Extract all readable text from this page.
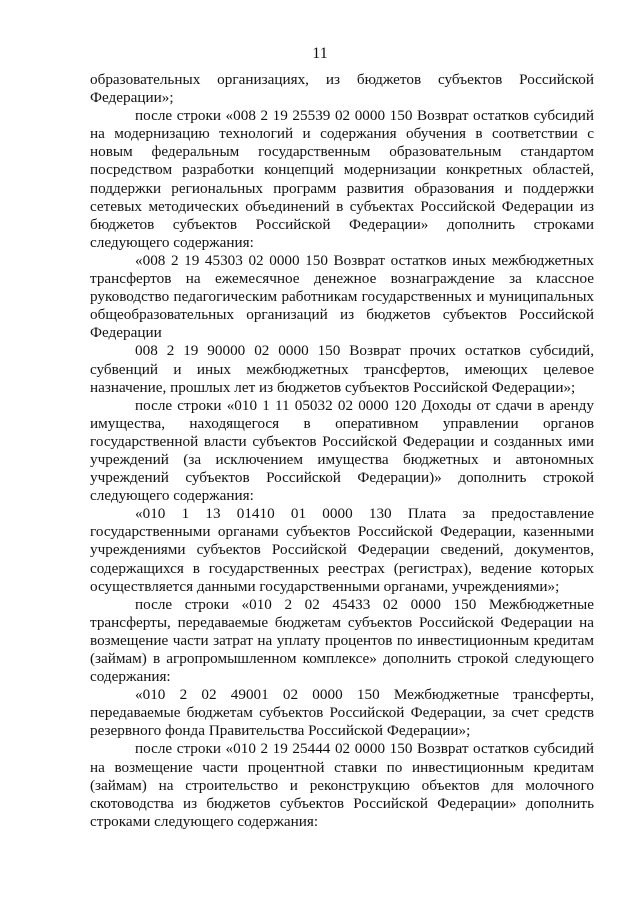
11

образовательных организациях, из бюджетов субъектов Российской Федерации»;

после строки «008 2 19 25539 02 0000 150 Возврат остатков субсидий на модернизацию технологий и содержания обучения в соответствии с новым федеральным государственным образовательным стандартом посредством разработки концепций модернизации конкретных областей, поддержки региональных программ развития образования и поддержки сетевых методических объединений в субъектах Российской Федерации из бюджетов субъектов Российской Федерации» дополнить строками следующего содержания:

«008 2 19 45303 02 0000 150 Возврат остатков иных межбюджетных трансфертов на ежемесячное денежное вознаграждение за классное руководство педагогическим работникам государственных и муниципальных общеобразовательных организаций из бюджетов субъектов Российской Федерации

008 2 19 90000 02 0000 150 Возврат прочих остатков субсидий, субвенций и иных межбюджетных трансфертов, имеющих целевое назначение, прошлых лет из бюджетов субъектов Российской Федерации»;

после строки «010 1 11 05032 02 0000 120 Доходы от сдачи в аренду имущества, находящегося в оперативном управлении органов государственной власти субъектов Российской Федерации и созданных ими учреждений (за исключением имущества бюджетных и автономных учреждений субъектов Российской Федерации)» дополнить строкой следующего содержания:

«010 1 13 01410 01 0000 130 Плата за предоставление государственными органами субъектов Российской Федерации, казенными учреждениями субъектов Российской Федерации сведений, документов, содержащихся в государственных реестрах (регистрах), ведение которых осуществляется данными государственными органами, учреждениями»;

после строки «010 2 02 45433 02 0000 150 Межбюджетные трансферты, передаваемые бюджетам субъектов Российской Федерации на возмещение части затрат на уплату процентов по инвестиционным кредитам (займам) в агропромышленном комплексе» дополнить строкой следующего содержания:

«010 2 02 49001 02 0000 150 Межбюджетные трансферты, передаваемые бюджетам субъектов Российской Федерации, за счет средств резервного фонда Правительства Российской Федерации»;

после строки «010 2 19 25444 02 0000 150 Возврат остатков субсидий на возмещение части процентной ставки по инвестиционным кредитам (займам) на строительство и реконструкцию объектов для молочного скотоводства из бюджетов субъектов Российской Федерации» дополнить строками следующего содержания:
